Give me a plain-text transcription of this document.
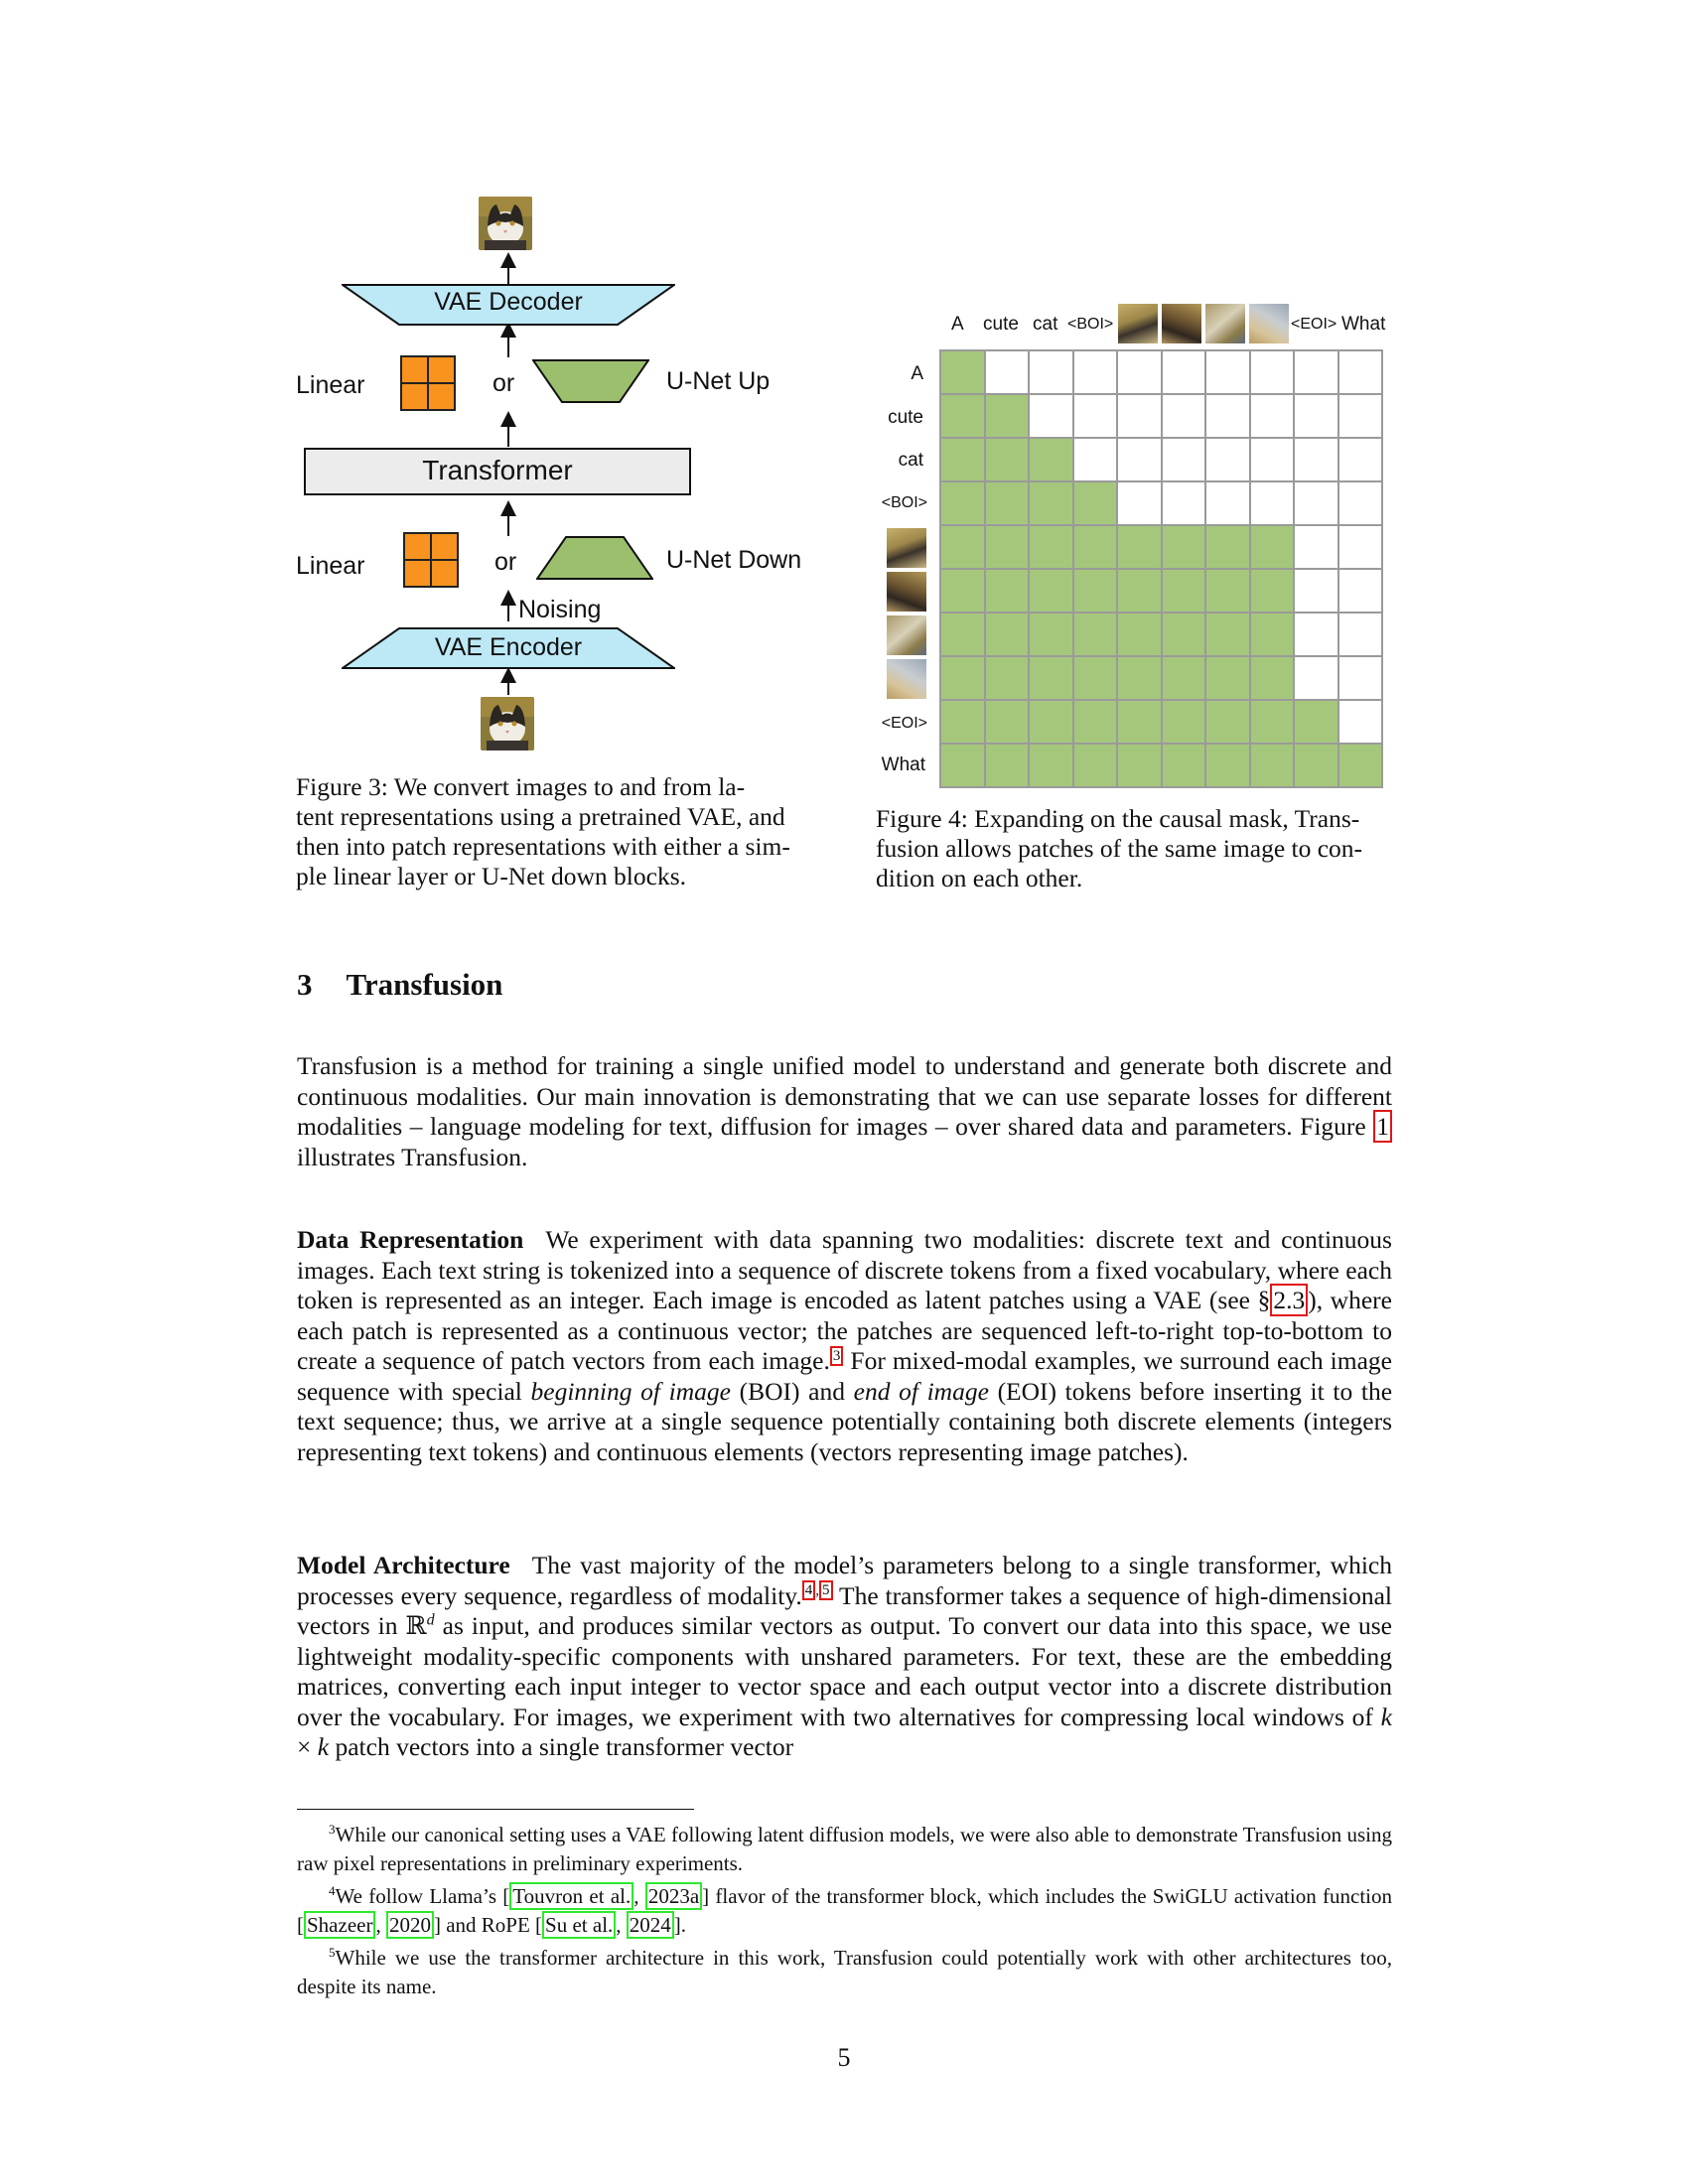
VAE Decoder
Linear	or	U-Net Up
Transformer
Linear	or	U-Net Down
Noising
VAE Encoder
Figure 3: We convert images to and from la-
tent representations using a pretrained VAE, and
then into patch representations with either a sim-
ple linear layer or U-Net down blocks.
A cute cat <BOI>	<EOI> What
A
cute
cat
<BOI>
<EOI>
What

Figure 4: Expanding on the causal mask, Trans-
fusion allows patches of the same image to con-
dition on each other.
3 Transfusion
Transfusion is a method for training a single unified model to understand and generate both discrete and continuous modalities. Our main innovation is demonstrating that we can use separate losses for different modalities – language modeling for text, diffusion for images – over shared data and parameters. Figure 1 illustrates Transfusion.
Data Representation We experiment with data spanning two modalities: discrete text and continuous images. Each text string is tokenized into a sequence of discrete tokens from a fixed vocabulary, where each token is represented as an integer. Each image is encoded as latent patches using a VAE (see § 2.3 ), where each patch is represented as a continuous vector; the patches are sequenced left-to-right top-to-bottom to create a sequence of patch vectors from each image. $^3$ For mixed-modal examples, we surround each image sequence with special beginning of image (BOI) and end of image (EOI) tokens before inserting it to the text sequence; thus, we arrive at a single sequence potentially containing both discrete elements (integers representing text tokens) and continuous elements (vectors representing image patches).
Model Architecture The vast majority of the model’s parameters belong to a single transformer, which processes every sequence, regardless of modality. $^{4 , 5}$ The transformer takes a sequence of high-dimensional vectors in ℝ$^d$ as input, and produces similar vectors as output. To convert our data into this space, we use lightweight modality-specific components with unshared parameters. For text, these are the embedding matrices, converting each input integer to vector space and each output vector into a discrete distribution over the vocabulary. For images, we experiment with two alternatives for compressing local windows of k × k patch vectors into a single transformer vector
$^3$While our canonical setting uses a VAE following latent diffusion models, we were also able to demonstrate Transfusion using raw pixel representations in preliminary experiments.
$^4$We follow Llama’s [ Touvron et al. , 2023a ] flavor of the transformer block, which includes the SwiGLU activation function [ Shazeer , 2020 ] and RoPE [ Su et al. , 2024 ].
$^5$While we use the transformer architecture in this work, Transfusion could potentially work with other architectures too, despite its name.
5
